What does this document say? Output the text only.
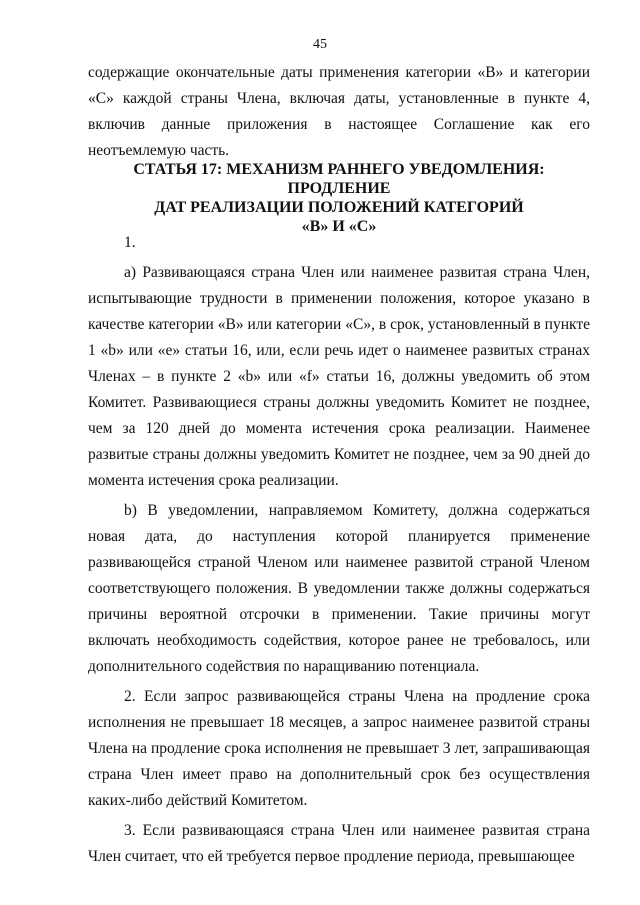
45

содержащие окончательные даты применения категории «В» и категории «С» каждой страны Члена, включая даты, установленные в пункте 4, включив данные приложения в настоящее Соглашение как его неотъемлемую часть.

СТАТЬЯ 17: МЕХАНИЗМ РАННЕГО УВЕДОМЛЕНИЯ: ПРОДЛЕНИЕ
ДАТ РЕАЛИЗАЦИИ ПОЛОЖЕНИЙ КАТЕГОРИЙ
«В» И «С»

1.

а) Развивающаяся страна Член или наименее развитая страна Член, испытывающие трудности в применении положения, которое указано в качестве категории «В» или категории «С», в срок, установленный в пункте 1 «b» или «е» статьи 16, или, если речь идет о наименее развитых странах Членах – в пункте 2 «b» или «f» статьи 16, должны уведомить об этом Комитет. Развивающиеся страны должны уведомить Комитет не позднее, чем за 120 дней до момента истечения срока реализации. Наименее развитые страны должны уведомить Комитет не позднее, чем за 90 дней до момента истечения срока реализации.

b) В уведомлении, направляемом Комитету, должна содержаться новая дата, до наступления которой планируется применение развивающейся страной Членом или наименее развитой страной Членом соответствующего положения. В уведомлении также должны содержаться причины вероятной отсрочки в применении. Такие причины могут включать необходимость содействия, которое ранее не требовалось, или дополнительного содействия по наращиванию потенциала.

2. Если запрос развивающейся страны Члена на продление срока исполнения не превышает 18 месяцев, а запрос наименее развитой страны Члена на продление срока исполнения не превышает 3 лет, запрашивающая страна Член имеет право на дополнительный срок без осуществления каких-либо действий Комитетом.

3. Если развивающаяся страна Член или наименее развитая страна Член считает, что ей требуется первое продление периода, превышающее
